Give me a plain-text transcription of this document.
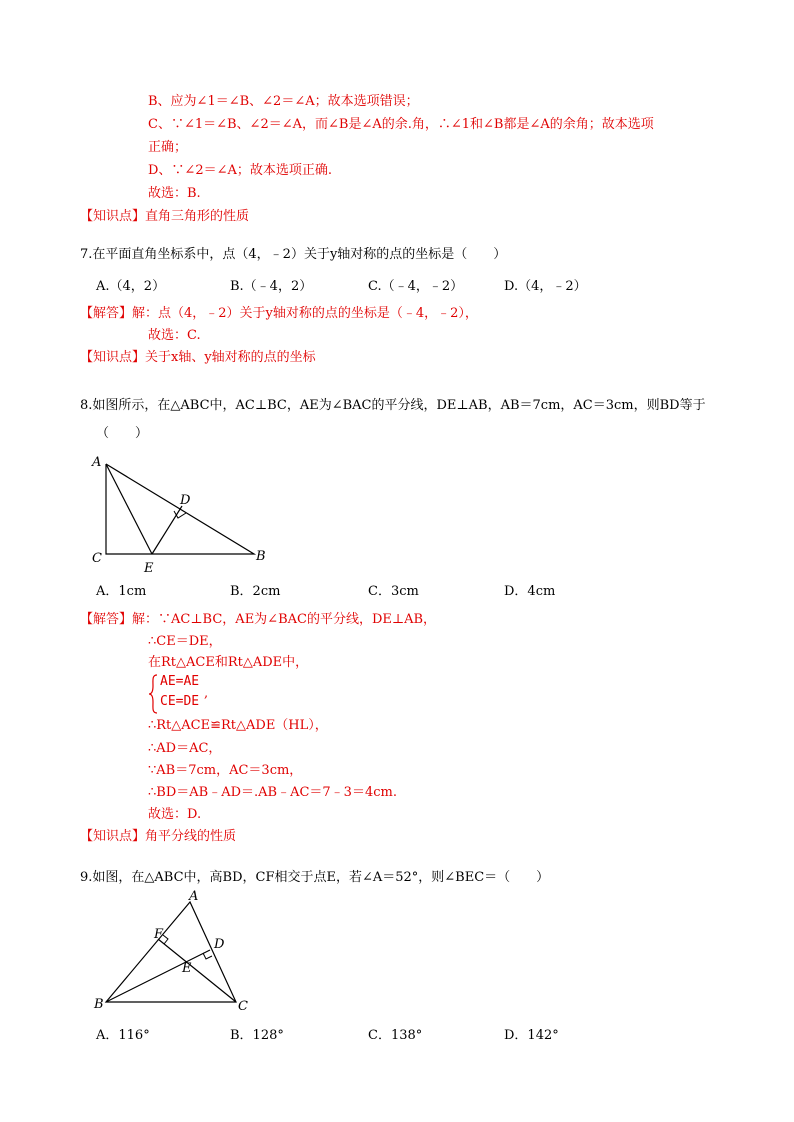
B、应为∠1＝∠B、∠2＝∠A；故本选项错误；
C、∵∠1＝∠B、∠2＝∠A，而∠B是∠A的余.角，∴∠1和∠B都是∠A的余角；故本选项
正确；
D、∵∠2＝∠A；故本选项正确.
故选：B.
【知识点】直角三角形的性质
7.在平面直角坐标系中，点（4，﹣2）关于y轴对称的点的坐标是（　　）
A.（4，2）	B.（﹣4，2）	C.（﹣4，﹣2）	D.（4，﹣2）
【解答】解：点（4，﹣2）关于y轴对称的点的坐标是（﹣4，﹣2），
故选：C.
【知识点】关于x轴、y轴对称的点的坐标
8.如图所示，在△ABC中，AC⊥BC，AE为∠BAC的平分线，DE⊥AB，AB＝7cm，AC＝3cm，则BD等于
（　　）
A
D
C
E
B
A．1cm	B．2cm	C．3cm	D．4cm
【解答】解：∵AC⊥BC，AE为∠BAC的平分线，DE⊥AB，
∴CE＝DE，
在Rt△ACE和Rt△ADE中，
AE=AE
CE=DE
,
∴Rt△ACE≌Rt△ADE（HL），
∴AD＝AC，
∵AB＝7cm，AC＝3cm，
∴BD＝AB﹣AD＝.AB﹣AC＝7﹣3＝4cm.
故选：D.
【知识点】角平分线的性质
9.如图，在△ABC中，高BD，CF相交于点E，若∠A＝52°，则∠BEC＝（　　）
A
F
D
E
B	C
A．116°	B．128°	C．138°	D．142°
